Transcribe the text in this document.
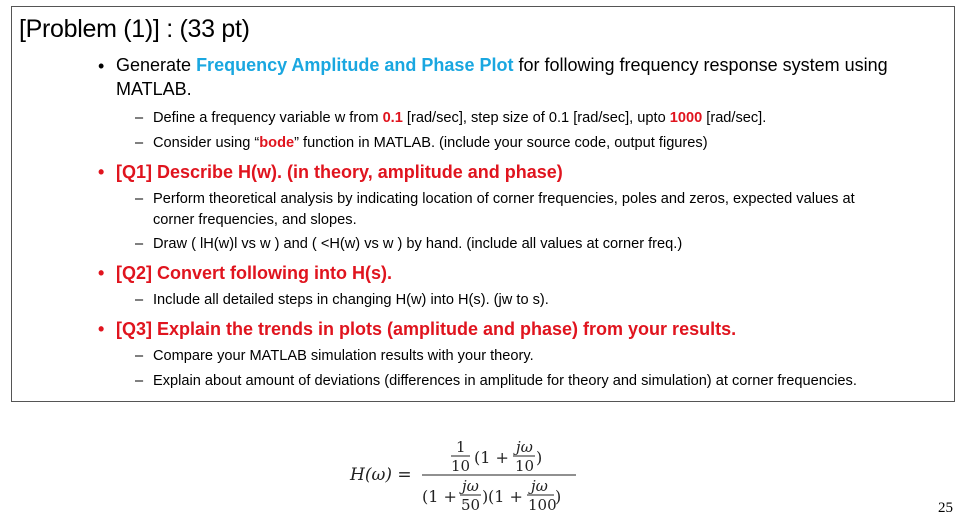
[Problem (1)] : (33 pt)
• Generate Frequency Amplitude and Phase Plot for following frequency response system using
MATLAB.
– Define a frequency variable w from 0.1 [rad/sec], step size of 0.1 [rad/sec], upto 1000 [rad/sec].
– Consider using “bode” function in MATLAB. (include your source code, output figures)
• [Q1] Describe H(w). (in theory, amplitude and phase)
– Perform theoretical analysis by indicating location of corner frequencies, poles and zeros, expected values at
corner frequencies, and slopes.
– Draw ( lH(w)l vs w ) and ( <H(w) vs w ) by hand. (include all values at corner freq.)
• [Q2] Convert following into H(s).
– Include all detailed steps in changing H(w) into H(s). (jw to s).
• [Q3] Explain the trends in plots (amplitude and phase) from your results.
– Compare your MATLAB simulation results with your theory.
– Explain about amount of deviations (differences in amplitude for theory and simulation) at corner frequencies.
H(ω) =
1
10 (1 +
jω
10 )
(1 +
jω
50 ) (1 +
jω
100
)
25
